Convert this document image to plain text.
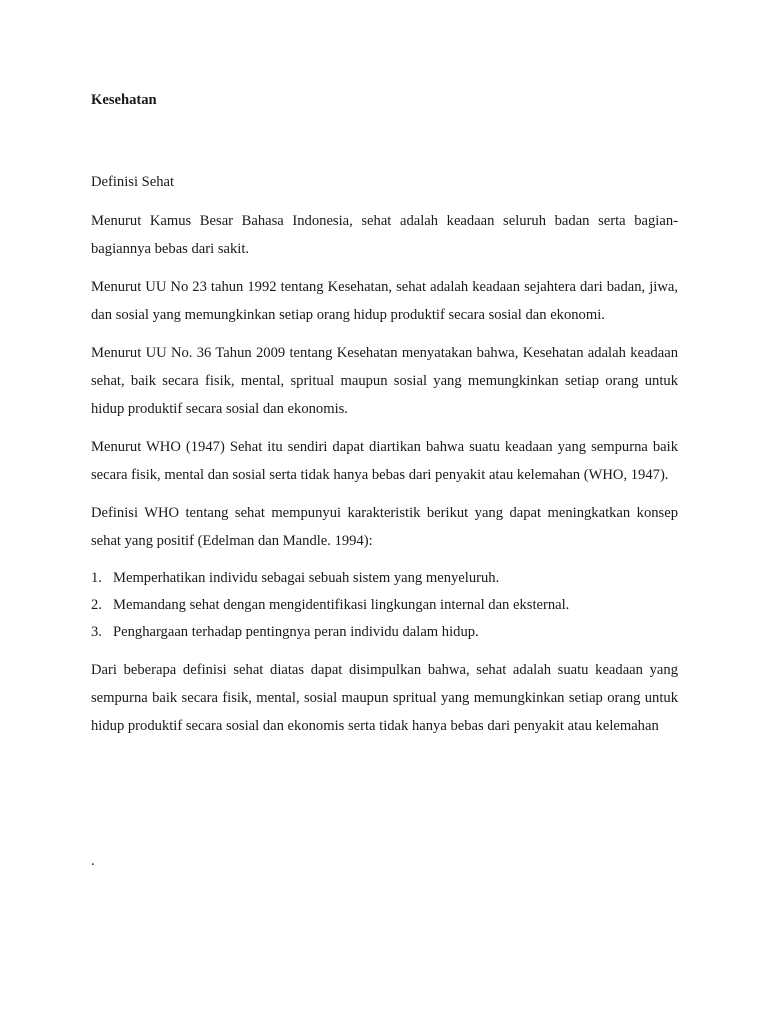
Kesehatan
Definisi Sehat

Menurut Kamus Besar Bahasa Indonesia, sehat adalah keadaan seluruh badan serta bagian-bagiannya bebas dari sakit.

Menurut UU No 23 tahun 1992 tentang Kesehatan, sehat adalah keadaan sejahtera dari badan, jiwa, dan sosial yang memungkinkan setiap orang hidup produktif secara sosial dan ekonomi.

Menurut UU No. 36 Tahun 2009 tentang Kesehatan menyatakan bahwa, Kesehatan adalah keadaan sehat, baik secara fisik, mental, spritual maupun sosial yang memungkinkan setiap orang untuk hidup produktif secara sosial dan ekonomis.

Menurut WHO (1947) Sehat itu sendiri dapat diartikan bahwa suatu keadaan yang sempurna baik secara fisik, mental dan sosial serta tidak hanya bebas dari penyakit atau kelemahan (WHO, 1947).

Definisi WHO tentang sehat mempunyui karakteristik berikut yang dapat meningkatkan konsep sehat yang positif (Edelman dan Mandle. 1994):

1. Memperhatikan individu sebagai sebuah sistem yang menyeluruh.
2. Memandang sehat dengan mengidentifikasi lingkungan internal dan eksternal.
3. Penghargaan terhadap pentingnya peran individu dalam hidup.

Dari beberapa definisi sehat diatas dapat disimpulkan bahwa, sehat adalah suatu keadaan yang sempurna baik secara fisik, mental, sosial maupun spritual yang memungkinkan setiap orang untuk hidup produktif secara sosial dan ekonomis serta tidak hanya bebas dari penyakit atau kelemahan

.
